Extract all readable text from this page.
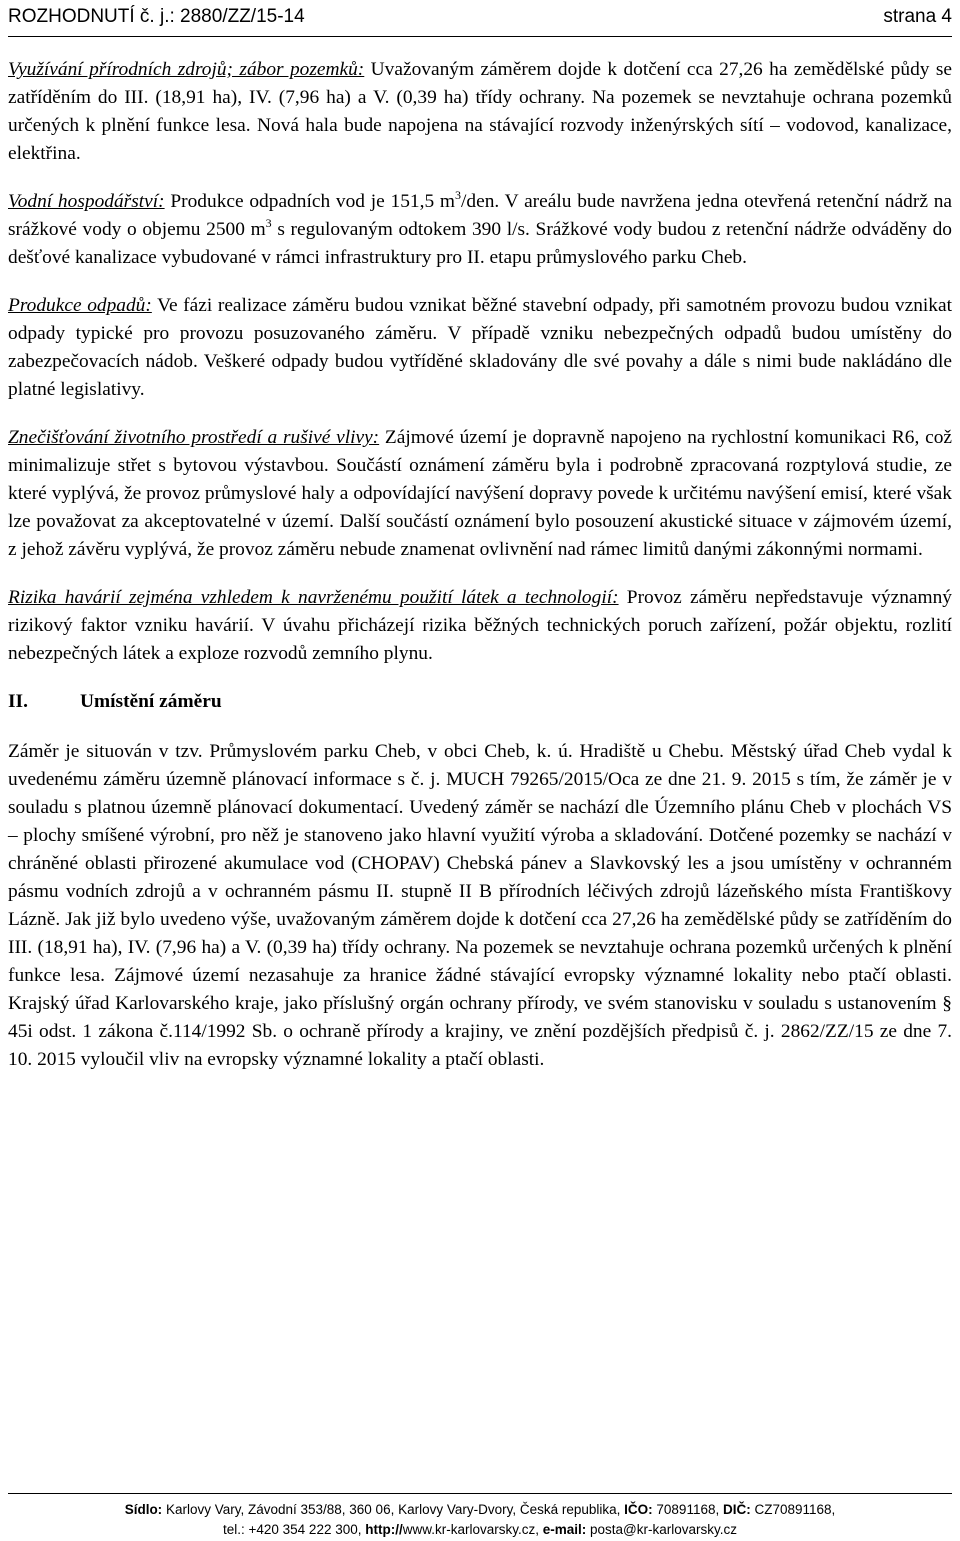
ROZHODNUTÍ č. j.: 2880/ZZ/15-14	strana 4

Využívání přírodních zdrojů; zábor pozemků: Uvažovaným záměrem dojde k dotčení cca 27,26 ha zemědělské půdy se zatříděním do III. (18,91 ha), IV. (7,96 ha) a V. (0,39 ha) třídy ochrany. Na pozemek se nevztahuje ochrana pozemků určených k plnění funkce lesa. Nová hala bude napojena na stávající rozvody inženýrských sítí – vodovod, kanalizace, elektřina.

Vodní hospodářství: Produkce odpadních vod je 151,5 $m^3$/den. V areálu bude navržena jedna otevřená retenční nádrž na srážkové vody o objemu 2500 $m^3$ s regulovaným odtokem 390 l/s. Srážkové vody budou z retenční nádrže odváděny do dešťové kanalizace vybudované v rámci infrastruktury pro II. etapu průmyslového parku Cheb.

Produkce odpadů: Ve fázi realizace záměru budou vznikat běžné stavební odpady, při samotném provozu budou vznikat odpady typické pro provozu posuzovaného záměru. V případě vzniku nebezpečných odpadů budou umístěny do zabezpečovacích nádob. Veškeré odpady budou vytříděné skladovány dle své povahy a dále s nimi bude nakládáno dle platné legislativy.

Znečišťování životního prostředí a rušivé vlivy: Zájmové území je dopravně napojeno na rychlostní komunikaci R6, což minimalizuje střet s bytovou výstavbou. Součástí oznámení záměru byla i podrobně zpracovaná rozptylová studie, ze které vyplývá, že provoz průmyslové haly a odpovídající navýšení dopravy povede k určitému navýšení emisí, které však lze považovat za akceptovatelné v území. Další součástí oznámení bylo posouzení akustické situace v zájmovém území, z jehož závěru vyplývá, že provoz záměru nebude znamenat ovlivnění nad rámec limitů danými zákonnými normami.

Rizika havárií zejména vzhledem k navrženému použití látek a technologií: Provoz záměru nepředstavuje významný rizikový faktor vzniku havárií. V úvahu přicházejí rizika běžných technických poruch zařízení, požár objektu, rozlití nebezpečných látek a exploze rozvodů zemního plynu.

II.	Umístění záměru

Záměr je situován v tzv. Průmyslovém parku Cheb, v obci Cheb, k. ú. Hradiště u Chebu. Městský úřad Cheb vydal k uvedenému záměru územně plánovací informace s č. j. MUCH 79265/2015/Oca ze dne 21. 9. 2015 s tím, že záměr je v souladu s platnou územně plánovací dokumentací. Uvedený záměr se nachází dle Územního plánu Cheb v plochách VS – plochy smíšené výrobní, pro něž je stanoveno jako hlavní využití výroba a skladování. Dotčené pozemky se nachází v chráněné oblasti přirozené akumulace vod (CHOPAV) Chebská pánev a Slavkovský les a jsou umístěny v ochranném pásmu vodních zdrojů a v ochranném pásmu II. stupně II B přírodních léčivých zdrojů lázeňského místa Františkovy Lázně. Jak již bylo uvedeno výše, uvažovaným záměrem dojde k dotčení cca 27,26 ha zemědělské půdy se zatříděním do III. (18,91 ha), IV. (7,96 ha) a V. (0,39 ha) třídy ochrany. Na pozemek se nevztahuje ochrana pozemků určených k plnění funkce lesa. Zájmové území nezasahuje za hranice žádné stávající evropsky významné lokality nebo ptačí oblasti. Krajský úřad Karlovarského kraje, jako příslušný orgán ochrany přírody, ve svém stanovisku v souladu s ustanovením § 45i odst. 1 zákona č.114/1992 Sb. o ochraně přírody a krajiny, ve znění pozdějších předpisů č. j. 2862/ZZ/15 ze dne 7. 10. 2015 vyloučil vliv na evropsky významné lokality a ptačí oblasti.

Sídlo: Karlovy Vary, Závodní 353/88, 360 06, Karlovy Vary-Dvory, Česká republika, IČO: 70891168, DIČ: CZ70891168,
tel.: +420 354 222 300, http://www.kr-karlovarsky.cz, e-mail: posta@kr-karlovarsky.cz
